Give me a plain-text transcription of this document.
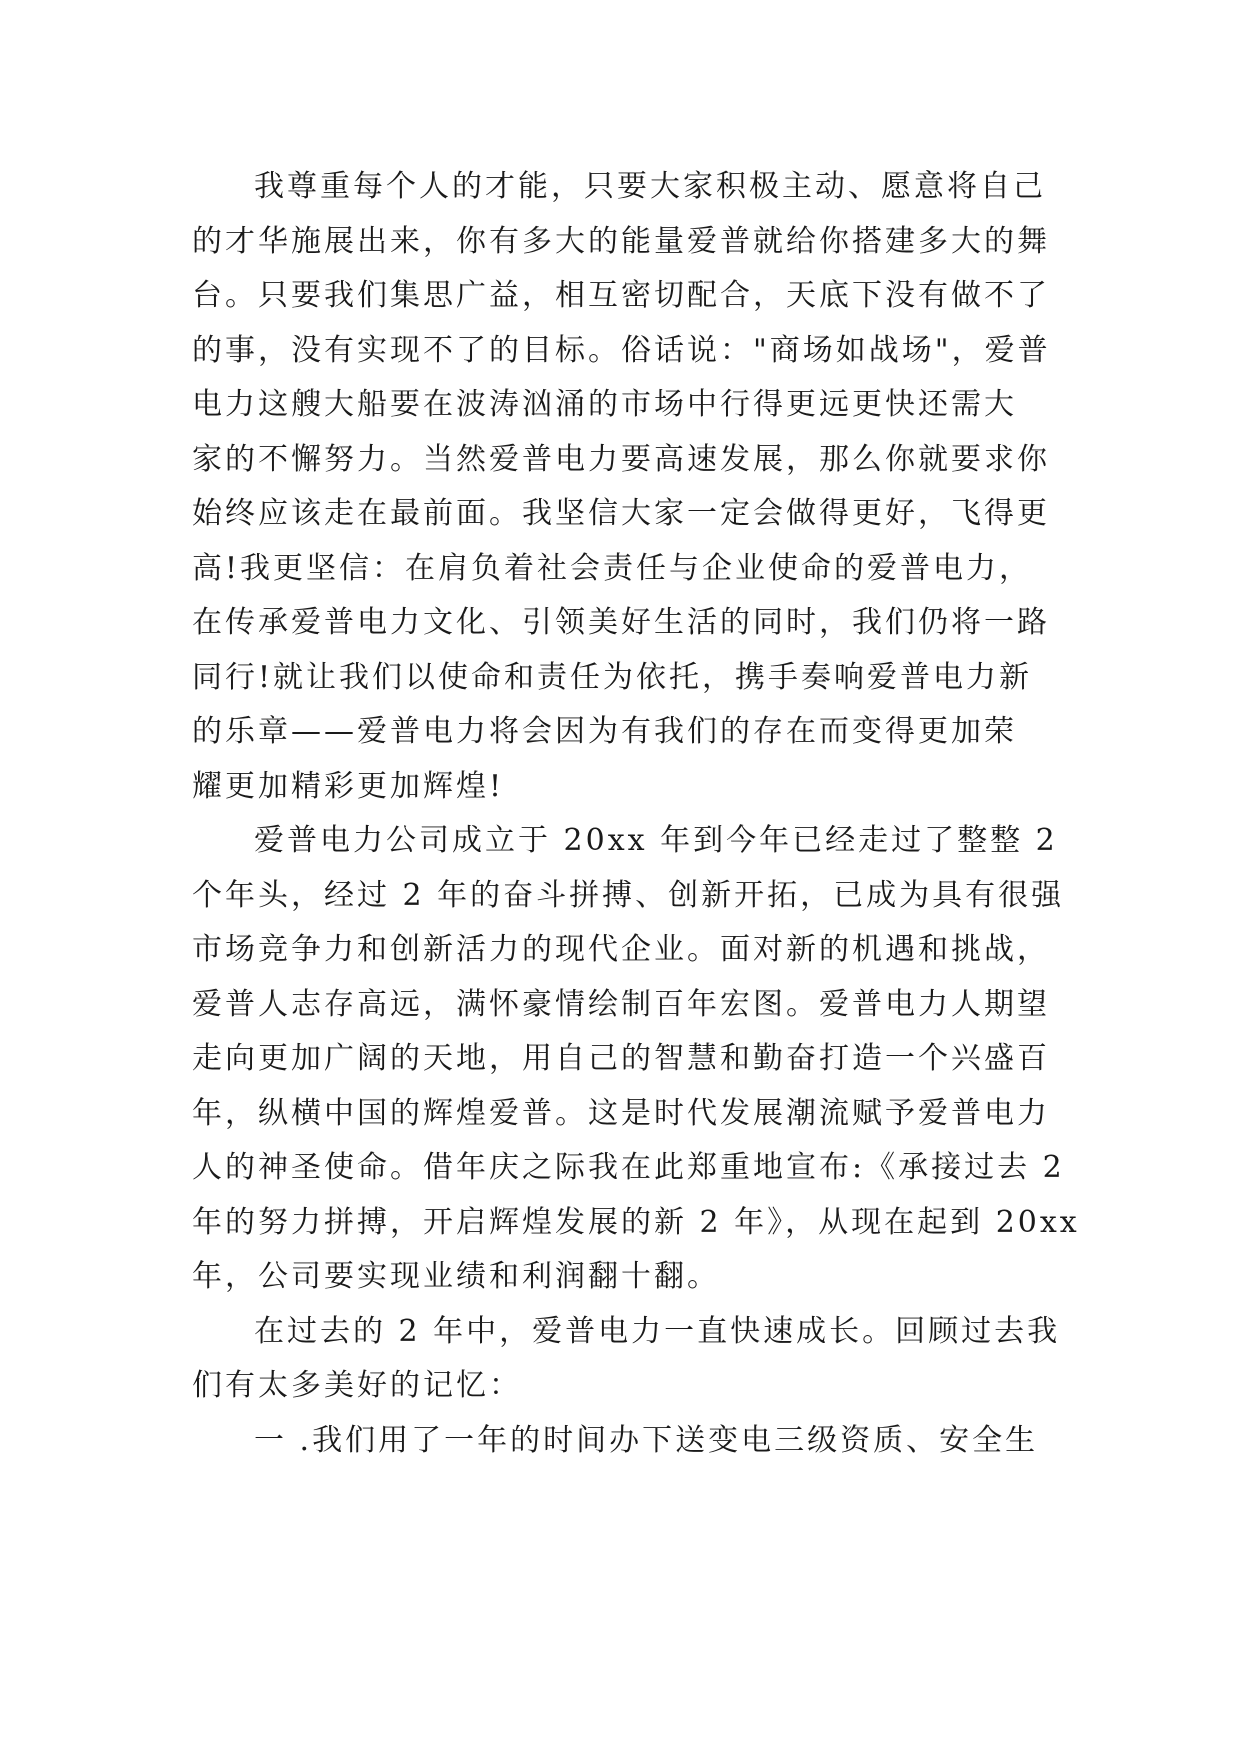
我尊重每个人的才能，只要大家积极主动、愿意将自己
的才华施展出来，你有多大的能量爱普就给你搭建多大的舞
台。只要我们集思广益，相互密切配合，天底下没有做不了
的事，没有实现不了的目标。俗话说："商场如战场"，爱普
电力这艘大船要在波涛汹涌的市场中行得更远更快还需大
家的不懈努力。当然爱普电力要高速发展，那么你就要求你
始终应该走在最前面。我坚信大家一定会做得更好，飞得更
高!我更坚信：在肩负着社会责任与企业使命的爱普电力，
在传承爱普电力文化、引领美好生活的同时，我们仍将一路
同行!就让我们以使命和责任为依托，携手奏响爱普电力新
的乐章——爱普电力将会因为有我们的存在而变得更加荣
耀更加精彩更加辉煌!
爱普电力公司成立于 20xx 年到今年已经走过了整整 2
个年头，经过 2 年的奋斗拼搏、创新开拓，已成为具有很强
市场竞争力和创新活力的现代企业。面对新的机遇和挑战，
爱普人志存高远，满怀豪情绘制百年宏图。爱普电力人期望
走向更加广阔的天地，用自己的智慧和勤奋打造一个兴盛百
年，纵横中国的辉煌爱普。这是时代发展潮流赋予爱普电力
人的神圣使命。借年庆之际我在此郑重地宣布:《承接过去 2
年的努力拼搏，开启辉煌发展的新 2 年》，从现在起到 20xx
年，公司要实现业绩和利润翻十翻。
在过去的 2 年中，爱普电力一直快速成长。回顾过去我
们有太多美好的记忆：
一 .我们用了一年的时间办下送变电三级资质、安全生
